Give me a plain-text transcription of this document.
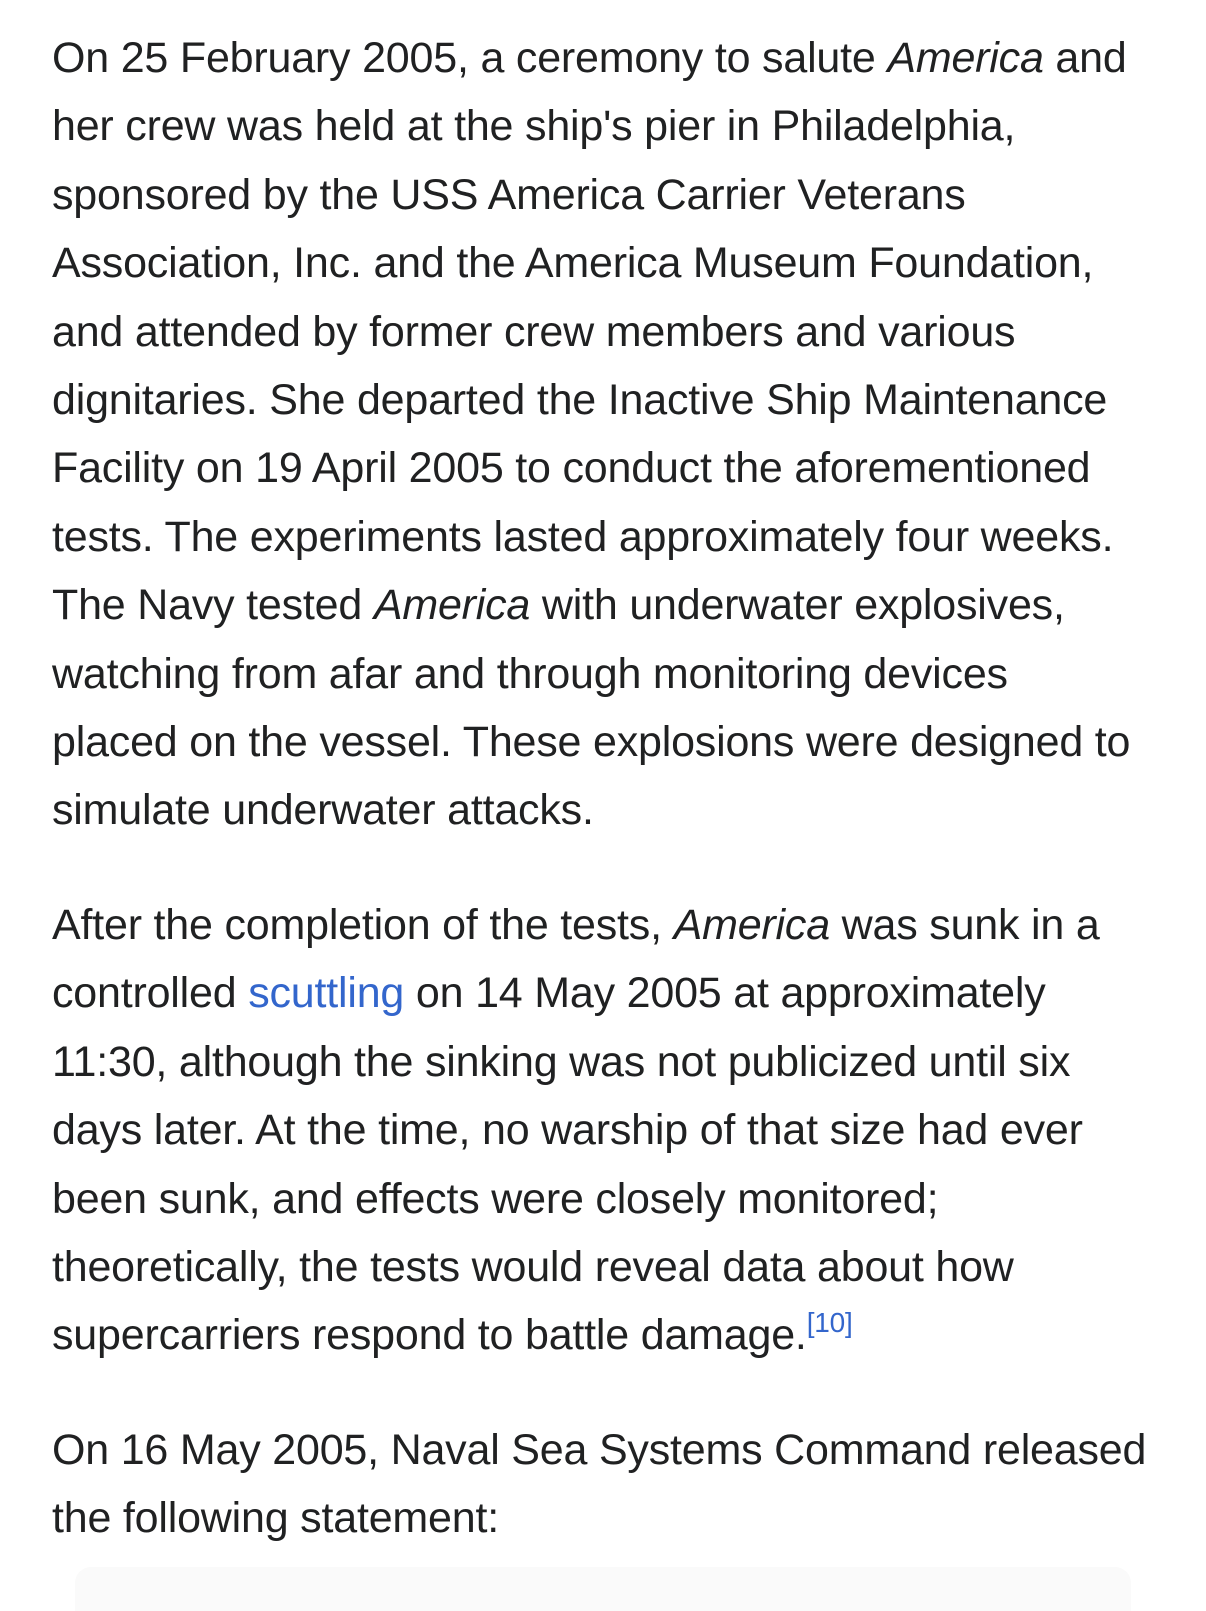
On 25 February 2005, a ceremony to salute America and
her crew was held at the ship's pier in Philadelphia,
sponsored by the USS America Carrier Veterans
Association, Inc. and the America Museum Foundation,
and attended by former crew members and various
dignitaries. She departed the Inactive Ship Maintenance
Facility on 19 April 2005 to conduct the aforementioned
tests. The experiments lasted approximately four weeks.
The Navy tested America with underwater explosives,
watching from afar and through monitoring devices
placed on the vessel. These explosions were designed to
simulate underwater attacks.
After the completion of the tests, America was sunk in a
controlled scuttling on 14 May 2005 at approximately
11:30, although the sinking was not publicized until six
days later. At the time, no warship of that size had ever
been sunk, and effects were closely monitored;
theoretically, the tests would reveal data about how
supercarriers respond to battle damage.[10]
On 16 May 2005, Naval Sea Systems Command released
the following statement:
